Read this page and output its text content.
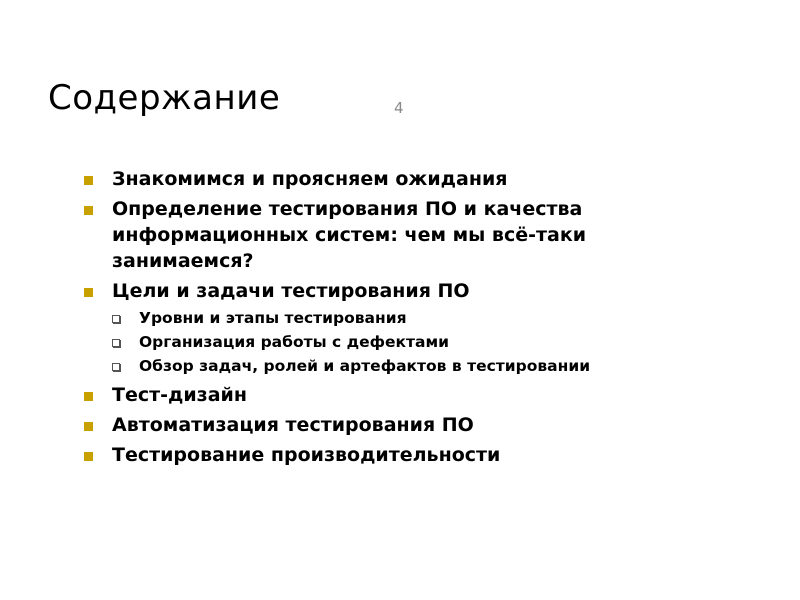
Содержание	4
Знакомимся и проясняем ожидания
Определение тестирования ПО и качества информационных систем: чем мы всё-таки занимаемся?
Цели и задачи тестирования ПО
Уровни и этапы тестирования
Организация работы с дефектами
Обзор задач, ролей и артефактов в тестировании
Тест-дизайн
Автоматизация тестирования ПО
Тестирование производительности
